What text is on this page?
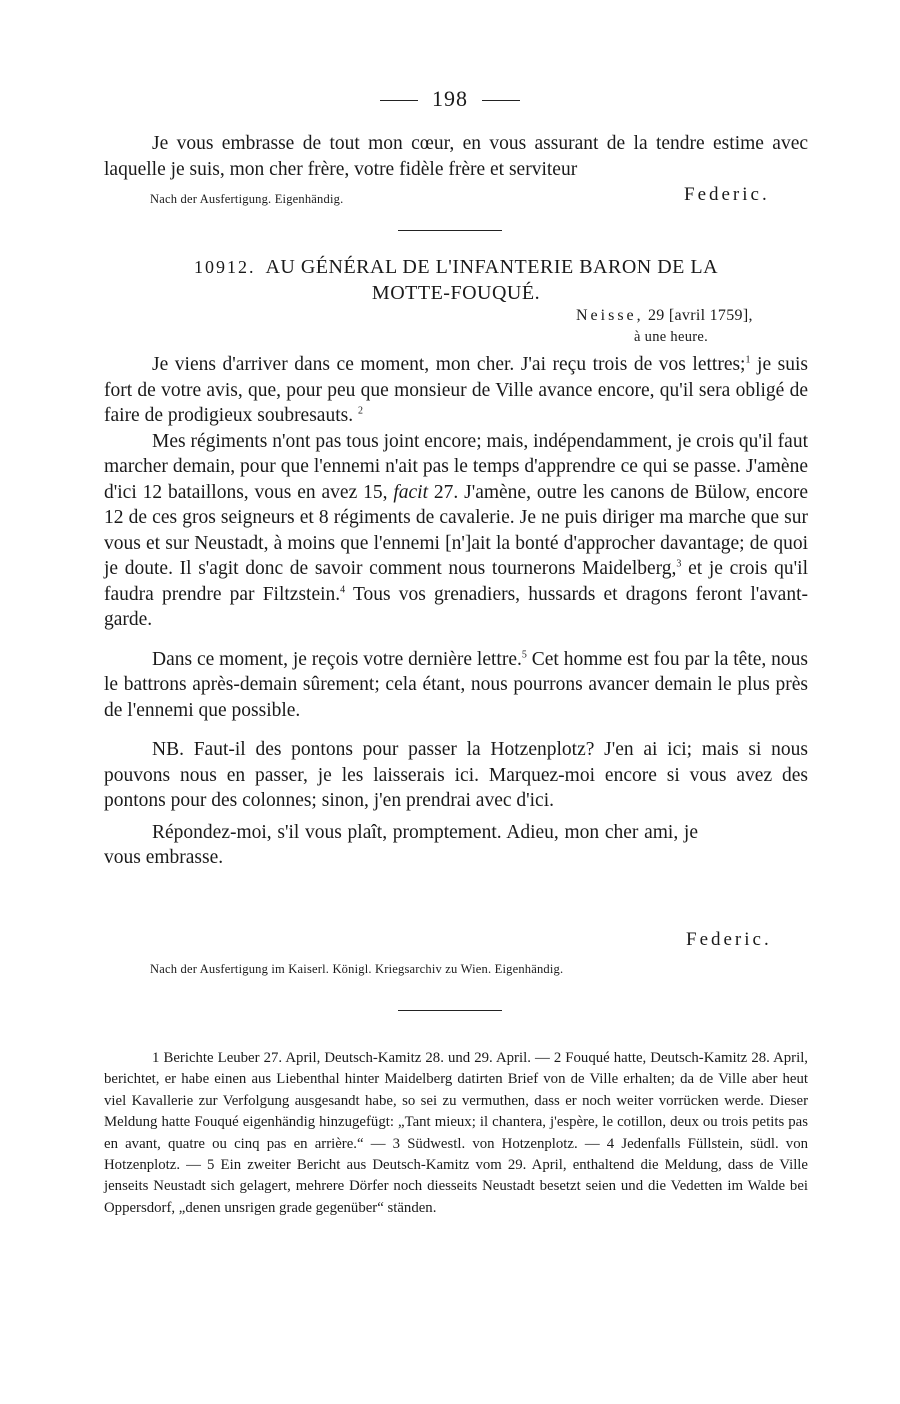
198

Je vous embrasse de tout mon cœur, en vous assurant de la tendre estime avec laquelle je suis, mon cher frère, votre fidèle frère et serviteur

Nach der Ausfertigung. Eigenhändig.	Federic.
10912. AU GÉNÉRAL DE L'INFANTERIE BARON DE LA
MOTTE-FOUQUÉ.
Neisse, 29 [avril 1759],
à une heure.

Je viens d'arriver dans ce moment, mon cher. J'ai reçu trois de vos lettres;$^1$ je suis fort de votre avis, que, pour peu que monsieur de Ville avance encore, qu'il sera obligé de faire de prodigieux soubresauts. $^2$

Mes régiments n'ont pas tous joint encore; mais, indépendamment, je crois qu'il faut marcher demain, pour que l'ennemi n'ait pas le temps d'apprendre ce qui se passe. J'amène d'ici 12 bataillons, vous en avez 15, facit 27. J'amène, outre les canons de Bülow, encore 12 de ces gros seigneurs et 8 régiments de cavalerie. Je ne puis diriger ma marche que sur vous et sur Neustadt, à moins que l'ennemi [n']ait la bonté d'approcher davantage; de quoi je doute. Il s'agit donc de savoir comment nous tournerons Maidelberg,$^3$ et je crois qu'il faudra prendre par Filtzstein.$^4$ Tous vos grenadiers, hussards et dragons feront l'avant-garde.

Dans ce moment, je reçois votre dernière lettre.$^5$ Cet homme est fou par la tête, nous le battrons après-demain sûrement; cela étant, nous pourrons avancer demain le plus près de l'ennemi que possible.

NB. Faut-il des pontons pour passer la Hotzenplotz? J'en ai ici; mais si nous pouvons nous en passer, je les laisserais ici. Marquez-moi encore si vous avez des pontons pour des colonnes; sinon, j'en prendrai avec d'ici.

Répondez-moi, s'il vous plaît, promptement. Adieu, mon cher ami, je vous embrasse.

Federic.
Nach der Ausfertigung im Kaiserl. Königl. Kriegsarchiv zu Wien. Eigenhändig.

1 Berichte Leuber 27. April, Deutsch-Kamitz 28. und 29. April. — 2 Fouqué hatte, Deutsch-Kamitz 28. April, berichtet, er habe einen aus Liebenthal hinter Maidelberg datirten Brief von de Ville erhalten; da de Ville aber heut viel Kavallerie zur Verfolgung ausgesandt habe, so sei zu vermuthen, dass er noch weiter vorrücken werde. Dieser Meldung hatte Fouqué eigenhändig hinzugefügt: „Tant mieux; il chantera, j'espère, le cotillon, deux ou trois petits pas en avant, quatre ou cinq pas en arrière.“ — 3 Südwestl. von Hotzenplotz. — 4 Jedenfalls Füllstein, südl. von Hotzenplotz. — 5 Ein zweiter Bericht aus Deutsch-Kamitz vom 29. April, enthaltend die Meldung, dass de Ville jenseits Neustadt sich gelagert, mehrere Dörfer noch diesseits Neustadt besetzt seien und die Vedetten im Walde bei Oppersdorf, „denen unsrigen grade gegenüber“ ständen.
